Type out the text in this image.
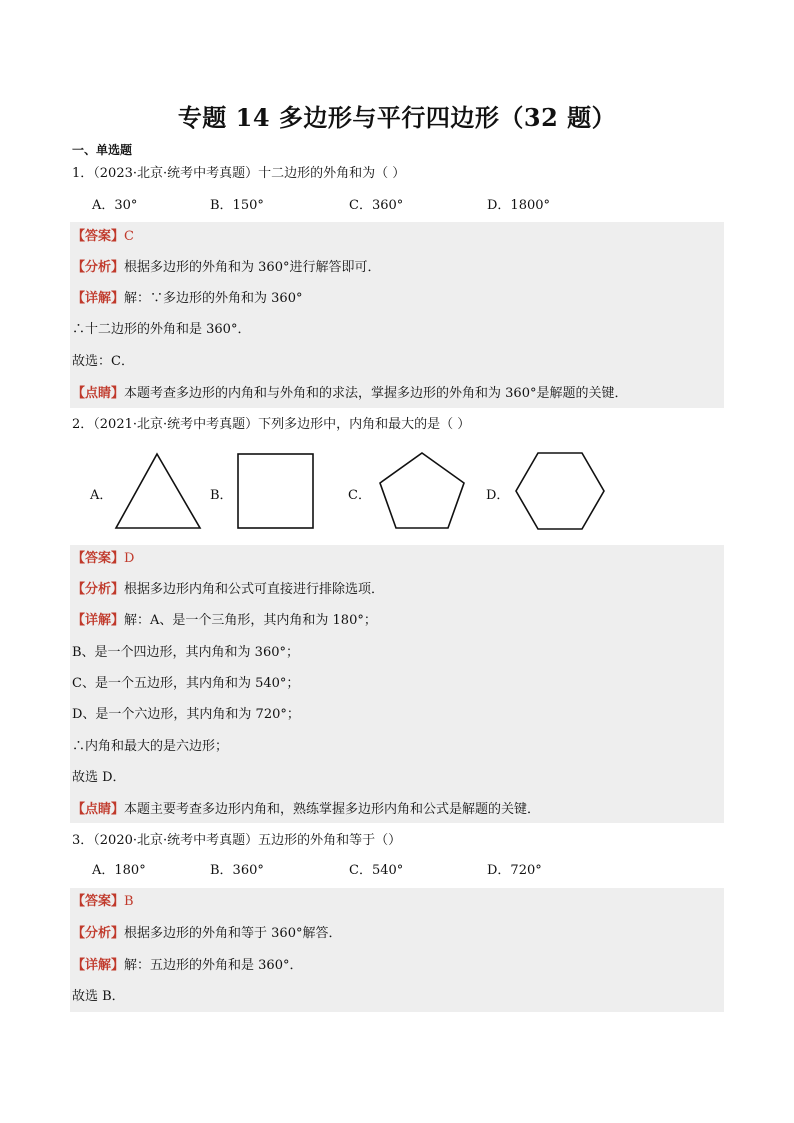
专题 14 多边形与平行四边形（32 题）
一、单选题
1．（2023·北京·统考中考真题）十二边形的外角和为（ ）
A．30°	B．150°	C．360°	D．1800°
【答案】C
【分析】根据多边形的外角和为 360°进行解答即可．
【详解】解：∵多边形的外角和为 360°
∴十二边形的外角和是 360°．
故选：C．
【点睛】本题考查多边形的内角和与外角和的求法，掌握多边形的外角和为 360°是解题的关键．
2．（2021·北京·统考中考真题）下列多边形中，内角和最大的是（ ）
A．	B．	C．	D．
【答案】D
【分析】根据多边形内角和公式可直接进行排除选项．
【详解】解：A、是一个三角形，其内角和为 180°；
B、是一个四边形，其内角和为 360°；
C、是一个五边形，其内角和为 540°；
D、是一个六边形，其内角和为 720°；
∴内角和最大的是六边形；
故选 D．
【点睛】本题主要考查多边形内角和，熟练掌握多边形内角和公式是解题的关键．
3．（2020·北京·统考中考真题）五边形的外角和等于（）
A．180°	B．360°	C．540°	D．720°
【答案】B
【分析】根据多边形的外角和等于 360°解答．
【详解】解：五边形的外角和是 360°．
故选 B．
